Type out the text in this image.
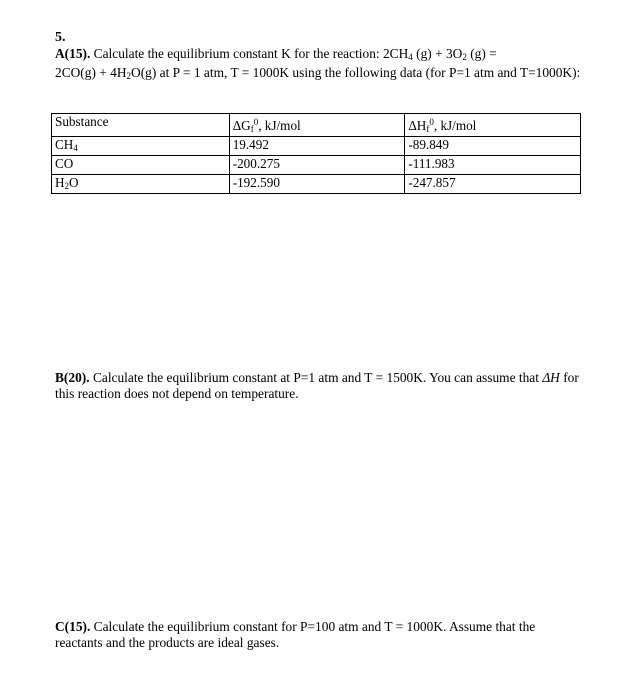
5.
A(15). Calculate the equilibrium constant K for the reaction: $2CH_4$ $(g) + 3O_2$ (g) =
$2CO(g) + 4H_2O(g)$ at P = 1 atm, T = 1000K using the following data (for P=1 atm and T=1000K):
Substance	$\Delta G_f^0$, kJ/mol	$\Delta H_f^0$, kJ/mol
$CH_4$	19.492	-89.849
CO	-200.275	-111.983
$H_2O$	-192.590	-247.857
B(20). Calculate the equilibrium constant at P=1 atm and T = 1500K. You can assume that ΔH for this reaction does not depend on temperature.
C(15). Calculate the equilibrium constant for P=100 atm and T = 1000K. Assume that the reactants and the products are ideal gases.
